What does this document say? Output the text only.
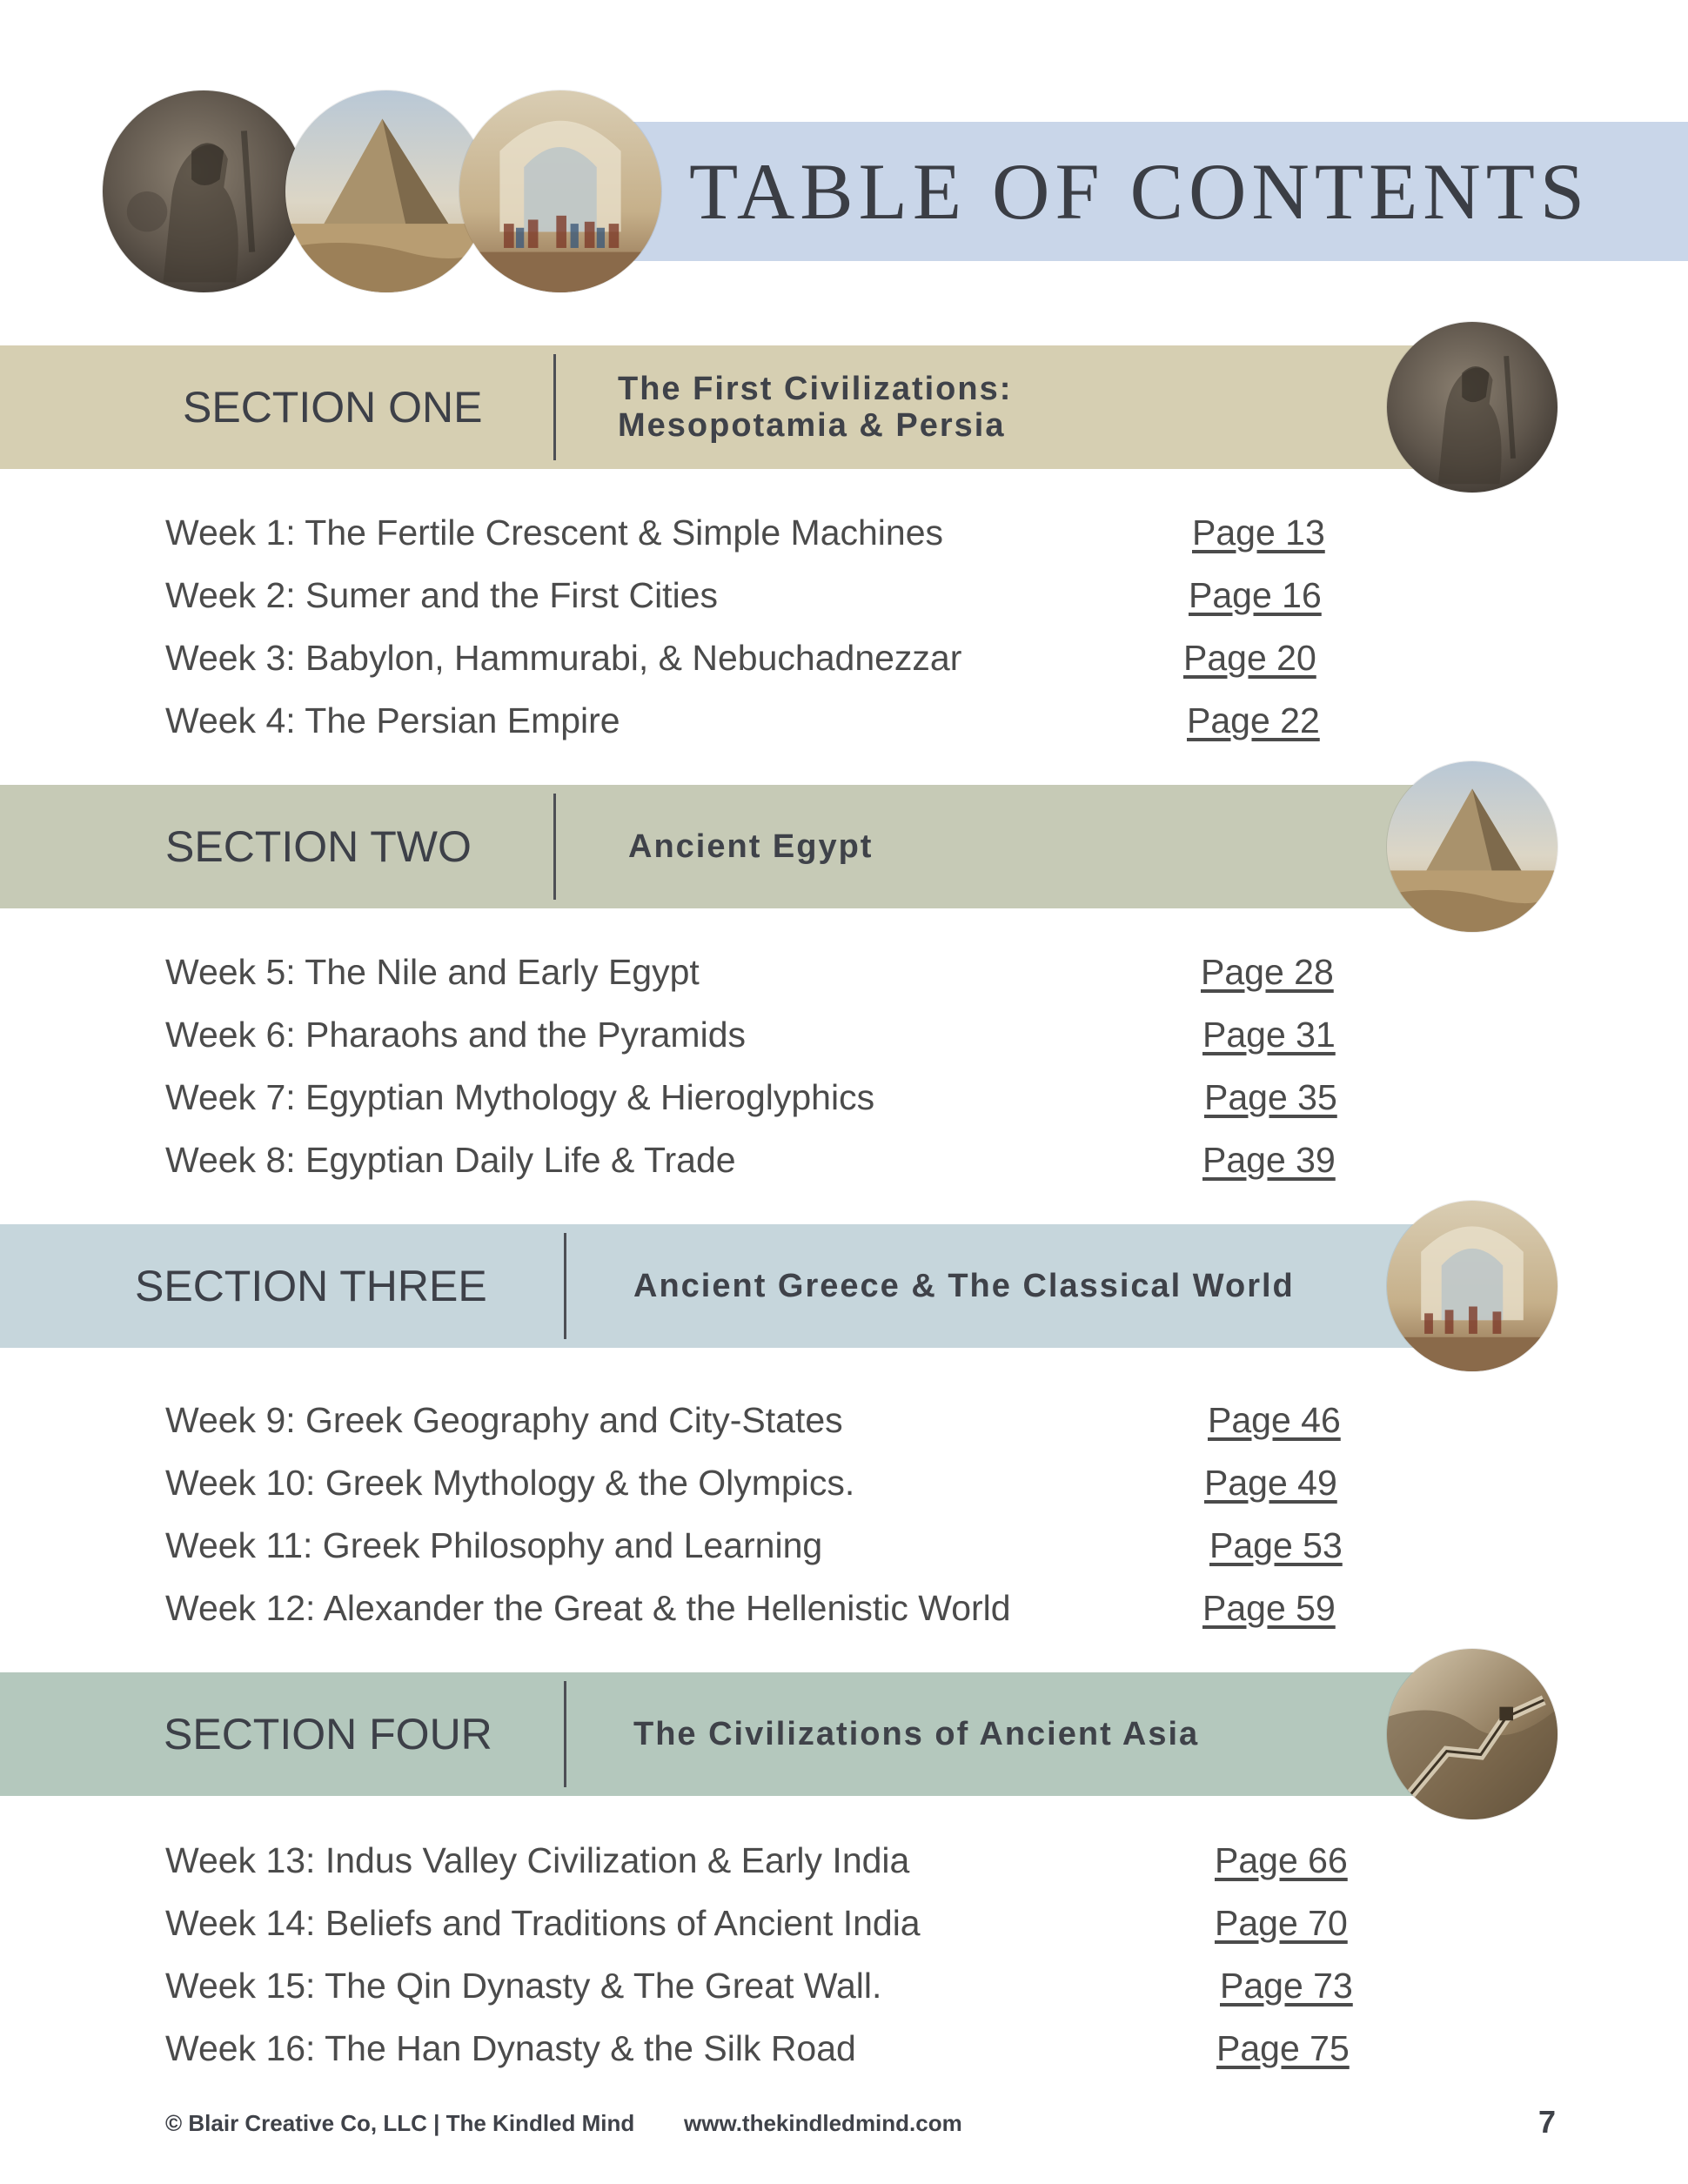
TABLE OF CONTENTS
SECTION ONE	The First Civilizations:
Mesopotamia & Persia
Week 1: The Fertile Crescent & Simple Machines	Page 13
Week 2: Sumer and the First Cities	Page 16
Week 3: Babylon, Hammurabi, & Nebuchadnezzar	Page 20
Week 4: The Persian Empire	Page 22
SECTION TWO	Ancient Egypt
Week 5: The Nile and Early Egypt	Page 28
Week 6: Pharaohs and the Pyramids	Page 31
Week 7: Egyptian Mythology & Hieroglyphics	Page 35
Week 8: Egyptian Daily Life & Trade	Page 39
SECTION THREE	Ancient Greece & The Classical World
Week 9: Greek Geography and City-States	Page 46
Week 10: Greek Mythology & the Olympics.	Page 49
Week 11: Greek Philosophy and Learning	Page 53
Week 12: Alexander the Great & the Hellenistic World	Page 59
SECTION FOUR	The Civilizations of Ancient Asia
Week 13: Indus Valley Civilization & Early India	Page 66
Week 14: Beliefs and Traditions of Ancient India	Page 70
Week 15: The Qin Dynasty & The Great Wall.	Page 73
Week 16: The Han Dynasty & the Silk Road	Page 75
© Blair Creative Co, LLC | The Kindled Mind www.thekindledmind.com	7
